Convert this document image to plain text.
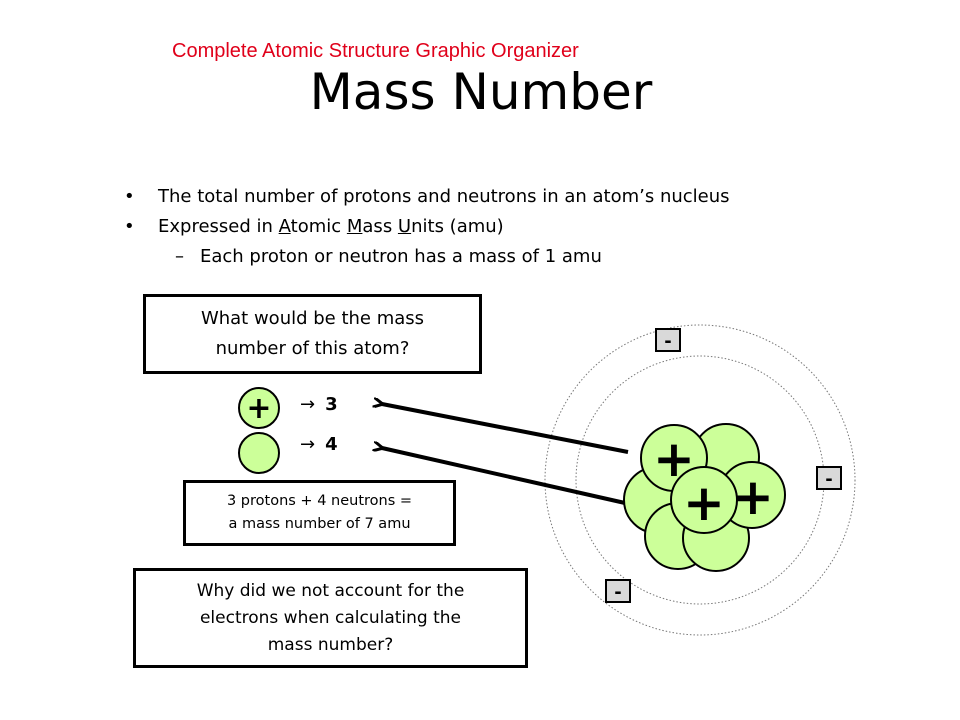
Complete Atomic Structure Graphic Organizer
Mass Number
• The total number of protons and neutrons in an atom’s nucleus
• Expressed in Atomic Mass Units (amu)
– Each proton or neutron has a mass of 1 amu
What would be the mass
number of this atom?
+
+
+
+
-
-
-
→ 3
→ 4
3 protons + 4 neutrons =
a mass number of 7 amu
Why did we not account for the
electrons when calculating the
mass number?
